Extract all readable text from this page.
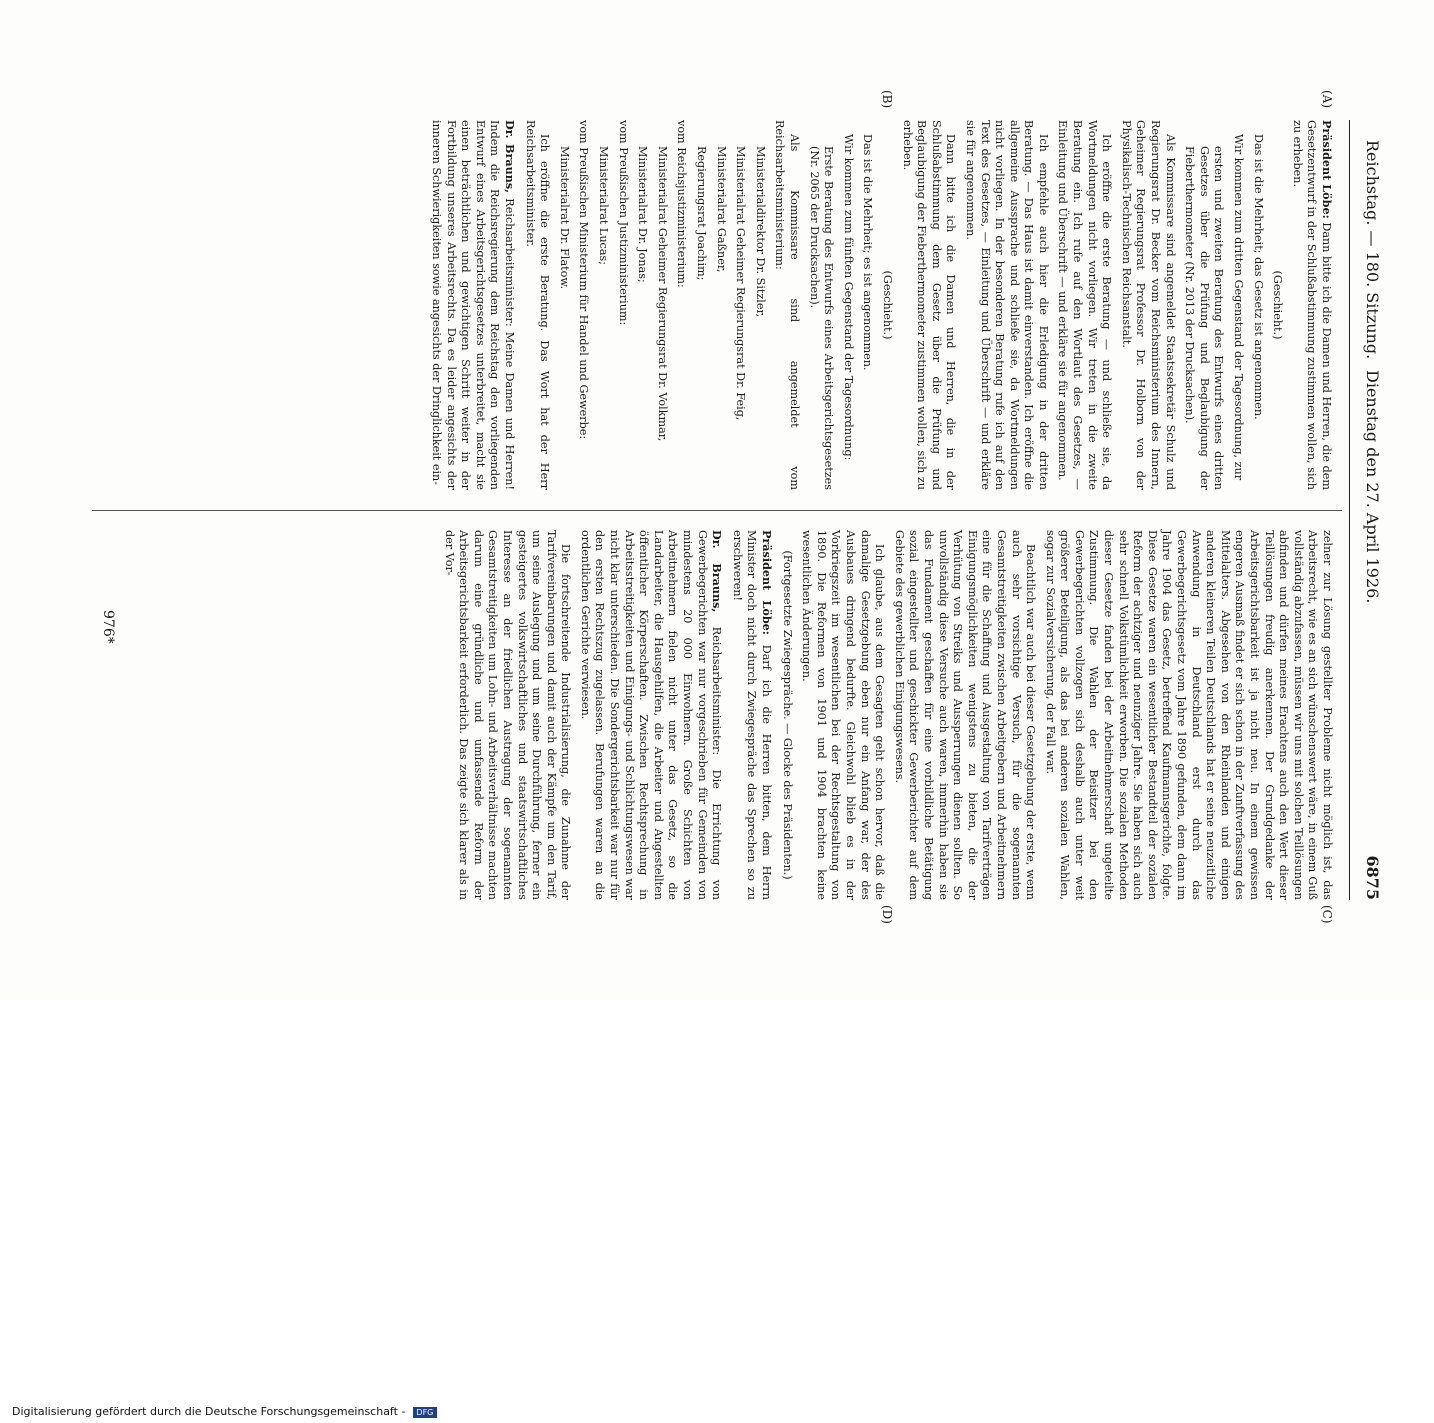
Reichstag. — 180. Sitzung.
Dienstag den 27. April 1926.
6875
(A)
(B)
(C)
(D)

Präsident Löbe: Dann bitte ich die Damen und Herren, die dem Gesetzentwurf in der Schlußabstimmung zustimmen wollen, sich zu erheben.

(Geschieht.)

Das ist die Mehrheit; das Gesetz ist angenommen.

Wir kommen zum dritten Gegenstand der Tagesordnung, zur

ersten und zweiten Beratung des Entwurfs eines dritten Gesetzes über die Prüfung und Beglaubigung der Fieberthermometer (Nr. 2013 der Drucksachen).

Als Kommissare sind angemeldet Staatssekretär Schulz und Regierungsrat Dr. Becker vom Reichsministerium des Innern, Geheimer Regierungsrat Professor Dr. Holborn von der Physikalisch-Technischen Reichsanstalt.

Ich eröffne die erste Beratung — und schließe sie, da Wortmeldungen nicht vorliegen. Wir treten in die zweite Beratung ein. Ich rufe auf den Wortlaut des Gesetzes, — Einleitung und Überschrift — und erkläre sie für angenommen.

Ich empfehle auch hier die Erledigung in der dritten Beratung. — Das Haus ist damit einverstanden. Ich eröffne die allgemeine Aussprache und schließe sie, da Wortmeldungen nicht vorliegen. In der besonderen Beratung rufe ich auf den Text des Gesetzes, — Einleitung und Überschrift — und erkläre sie für angenommen.

Dann bitte ich die Damen und Herren, die in der Schlußabstimmung dem Gesetz über die Prüfung und Beglaubigung der Fieberthermometer zustimmen wollen, sich zu erheben.

(Geschieht.)

Das ist die Mehrheit; es ist angenommen.

Wir kommen zum fünften Gegenstand der Tagesordnung:

Erste Beratung des Entwurfs eines Arbeitsgerichtsgesetzes (Nr. 2065 der Drucksachen).

Als Kommissare sind angemeldet vom Reichsarbeitsministerium:

Ministerialdirektor Dr. Sitzler,

Ministerialrat Geheimer Regierungsrat Dr. Feig,

Ministerialrat Gaßner,

Regierungsrat Joachim;

vom Reichsjustizministerium:

Ministerialrat Geheimer Regierungsrat Dr. Volkmar,

Ministerialrat Dr. Jonas;

vom Preußischen Justizministerium:

Ministerialrat Lucas;

vom Preußischen Ministerium für Handel und Gewerbe:

Ministerialrat Dr. Flatow.

Ich eröffne die erste Beratung. Das Wort hat der Herr Reichsarbeitsminister.

Dr. Brauns, Reichsarbeitsminister: Meine Damen und Herren! Indem die Reichsregierung dem Reichstag den vorliegenden Entwurf eines Arbeitsgerichtsgesetzes unterbreitet, macht sie einen beträchtlichen und gewichtigen Schritt weiter in der Fortbildung unseres Arbeitsrechts. Da es leider angesichts der inneren Schwierigkeiten sowie angesichts der Dringlichkeit ein-

zelner zur Lösung gestellter Probleme nicht möglich ist, das Arbeitsrecht, wie es an sich wünschenswert wäre, in einem Guß vollständig abzufassen, müssen wir uns mit solchen Teillösungen abfinden und dürfen meines Erachtens auch den Wert dieser Teillösungen freudig anerkennen. Der Grundgedanke der Arbeitsgerichtsbarkeit ist ja nicht neu. In einem gewissen engeren Ausmaß findet er sich schon in der Zunftverfassung des Mittelalters. Abgesehen von den Rheinlanden und einigen anderen kleineren Teilen Deutschlands hat er seine neuzeitliche Anwendung in Deutschland erst durch das Gewerbegerichtsgesetz vom Jahre 1890 gefunden, dem dann im Jahre 1904 das Gesetz, betreffend Kaufmannsgerichte, folgte. Diese Gesetze waren ein wesentlicher Bestandteil der sozialen Reform der achtziger und neunziger Jahre. Sie haben sich auch sehr schnell Volkstümlichkeit erworben. Die sozialen Methoden dieser Gesetze fanden bei der Arbeitnehmerschaft ungeteilte Zustimmung. Die Wahlen der Beisitzer bei den Gewerbegerichten vollzogen sich deshalb auch unter weit größerer Beteiligung, als das bei anderen sozialen Wahlen, sogar zur Sozialversicherung, der Fall war.

Beachtlich war auch bei dieser Gesetzgebung der erste, wenn auch sehr vorsichtige Versuch, für die sogenannten Gesamtstreitigkeiten zwischen Arbeitgebern und Arbeitnehmern eine für die Schaffung und Ausgestaltung von Tarifverträgen Einigungsmöglichkeiten wenigstens zu bieten, die der Verhütung von Streiks und Aussperrungen dienen sollten. So unvollständig diese Versuche auch waren, immerhin haben sie das Fundament geschaffen für eine vorbildliche Betätigung sozial eingestellter und geschickter Gewerberichter auf dem Gebiete des gewerblichen Einigungswesens.

Ich glaube, aus dem Gesagten geht schon hervor, daß die damalige Gesetzgebung eben nur ein Anfang war, der des Ausbaues dringend bedurfte. Gleichwohl blieb es in der Vorkriegszeit im wesentlichen bei der Rechtsgestaltung von 1890. Die Reformen von 1901 und 1904 brachten keine wesentlichen Änderungen.

(Fortgesetzte Zwiegespräche. — Glocke des Präsidenten.)

Präsident Löbe: Darf ich die Herren bitten, dem Herrn Minister doch nicht durch Zwiegespräche das Sprechen so zu erschweren!

Dr. Brauns, Reichsarbeitsminister: Die Errichtung von Gewerbegerichten war nur vorgeschrieben für Gemeinden von mindestens 20 000 Einwohnern. Große Schichten von Arbeitnehmern fielen nicht unter das Gesetz, so die Landarbeiter, die Hausgehilfen, die Arbeiter und Angestellten öffentlicher Körperschaften. Zwischen Rechtsprechung in Arbeitsstreitigkeiten und Einigungs- und Schlichtungswesen war nicht klar unterschieden. Die Sondergerichtsbarkeit war nur für den ersten Rechtszug zugelassen. Berufungen waren an die ordentlichen Gerichte verwiesen.

Die fortschreitende Industrialisierung, die Zunahme der Tarifvereinbarungen und damit auch der Kämpfe um den Tarif, um seine Auslegung und um seine Durchführung, ferner ein gesteigertes volkswirtschaftliches und staatswirtschaftliches Interesse an der friedlichen Austragung der sogenannten Gesamtstreitigkeiten um Lohn- und Arbeitsverhältnisse machten darum eine gründliche und umfassende Reform der Arbeitsgerichtsbarkeit erforderlich. Das zeigte sich klarer als in der Vor-

976*
Digitalisierung gefördert durch die Deutsche Forschungsgemeinschaft - DFG
